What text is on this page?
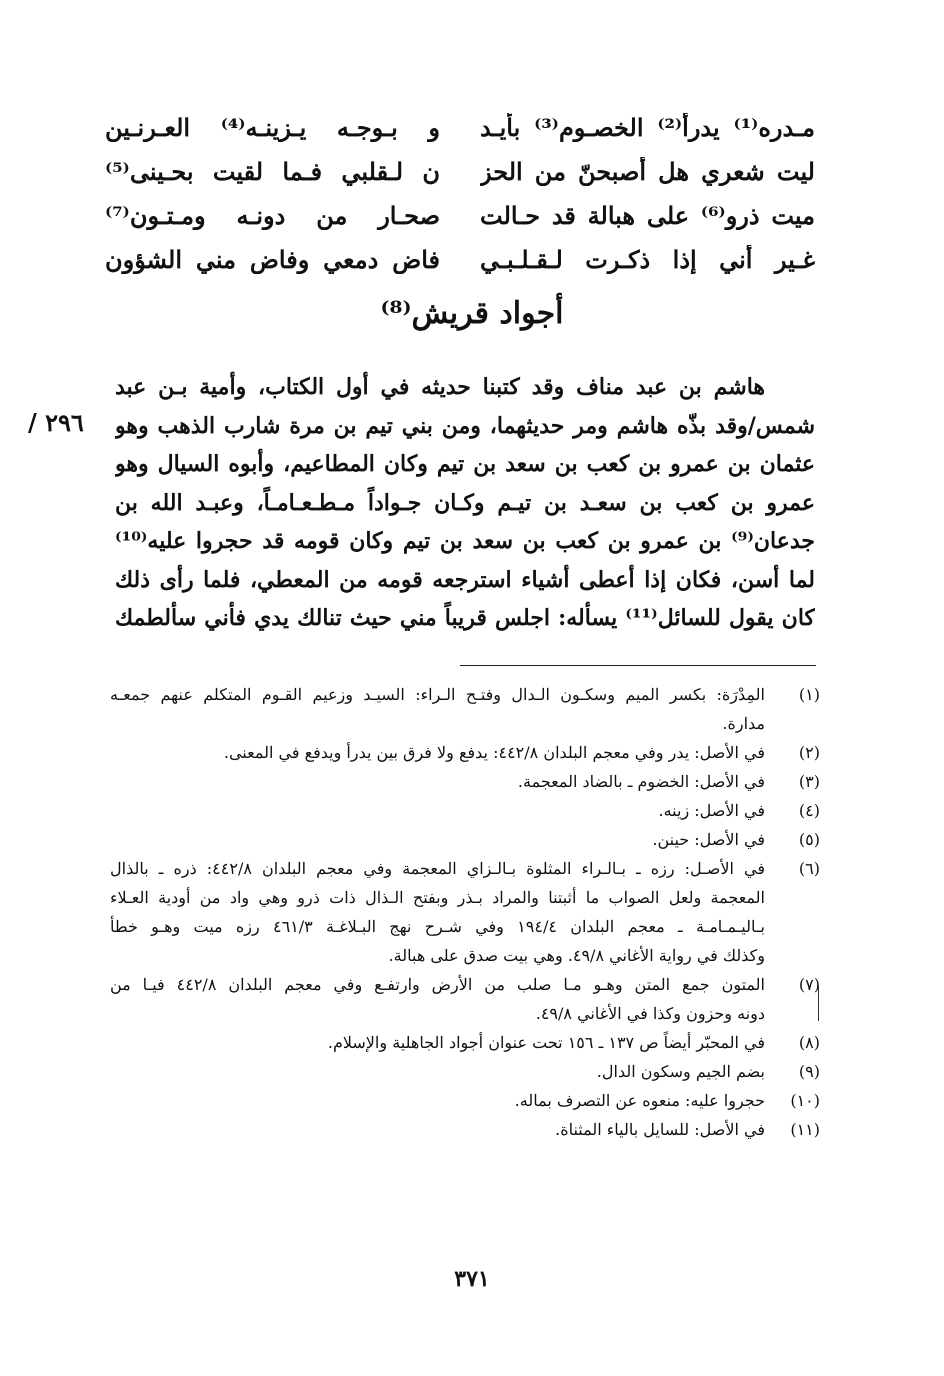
مـدره⁽¹⁾ يدرأ⁽²⁾ الخصـوم⁽³⁾ بأيـد
و بـوجـه يـزينـه⁽⁴⁾ العـرنـين
ليت شعري هل أصبحنّ من الحز
ن لـقلبي فـما لقيت بحـينى⁽⁵⁾
ميت ذرو⁽⁶⁾ على هبالة قد حـالت
صحـار من دونـه ومـتـون⁽⁷⁾
غـير أني إذا ذكـرت لـقـلـبـي
فاض دمعي وفاض مني الشؤون
أجواد قريش⁽⁸⁾
هاشم بن عبد مناف وقد كتبنا حديثه في أول الكتاب، وأمية بـن عبد
شمس/وقد بذّه هاشم ومر حديثهما، ومن بني تيم بن مرة شارب الذهب وهو
عثمان بن عمرو بن كعب بن سعد بن تيم وكان المطاعيم، وأبوه السيال وهو
عمرو بن كعب بن سعـد بن تيـم وكـان جـواداً مـطـعـامـاً، وعبـد الله بن
جدعان⁽⁹⁾ بن عمرو بن كعب بن سعد بن تيم وكان قومه قد حجروا عليه⁽¹⁰⁾
لما أسن، فكان إذا أعطى أشياء استرجعه قومه من المعطي، فلما رأى ذلك
كان يقول للسائل⁽¹¹⁾ يسأله: اجلس قريباً مني حيث تنالك يدي فأني سألطمك
٢٩٦ /
(١)
المِدْرَة: بكسر الميم وسكـون الـدال وفتـح الـراء: السيـد وزعيم القـوم المتكلم عنهم جمعـه
مدارة.
(٢)
في الأصل: يدر وفي معجم البلدان ٤٤٢/٨: يدفع ولا فرق بين يدرأ ويدفع في المعنى.
(٣)
في الأصل: الخضوم ـ بالضاد المعجمة.
(٤)
في الأصل: زينه.
(٥)
في الأصل: حينن.
(٦)
في الأصـل: رزه ـ بـالـراء المثلوة بـالـزاي المعجمة وفي معجم البلدان ٤٤٢/٨: ذره ـ بالذال
المعجمة ولعل الصواب ما أثبتنا والمراد بـذر وبفتح الـذال ذات ذرو وهي واد من أودية العـلاء
بـاليـمـامـة ـ معجم البلدان ١٩٤/٤ وفي شـرح نهج البـلاغـة ٤٦١/٣ رزه ميت وهـو خطأ
وكذلك في رواية الأغاني ٤٩/٨. وهي بيت صدق على هبالة.
(٧)
المتون جمع المتن وهـو مـا صلب من الأرض وارتفـع وفي معجم البلدان ٤٤٢/٨ فيـا من
دونه وحزون وكذا في الأغاني ٤٩/٨.
(٨)
في المحبّر أيضاً ص ١٣٧ ـ ١٥٦ تحت عنوان أجواد الجاهلية والإسلام.
(٩)
بضم الجيم وسكون الدال.
(١٠)
حجروا عليه: منعوه عن التصرف بماله.
(١١)
في الأصل: للسايل بالياء المثناة.
٣٧١
